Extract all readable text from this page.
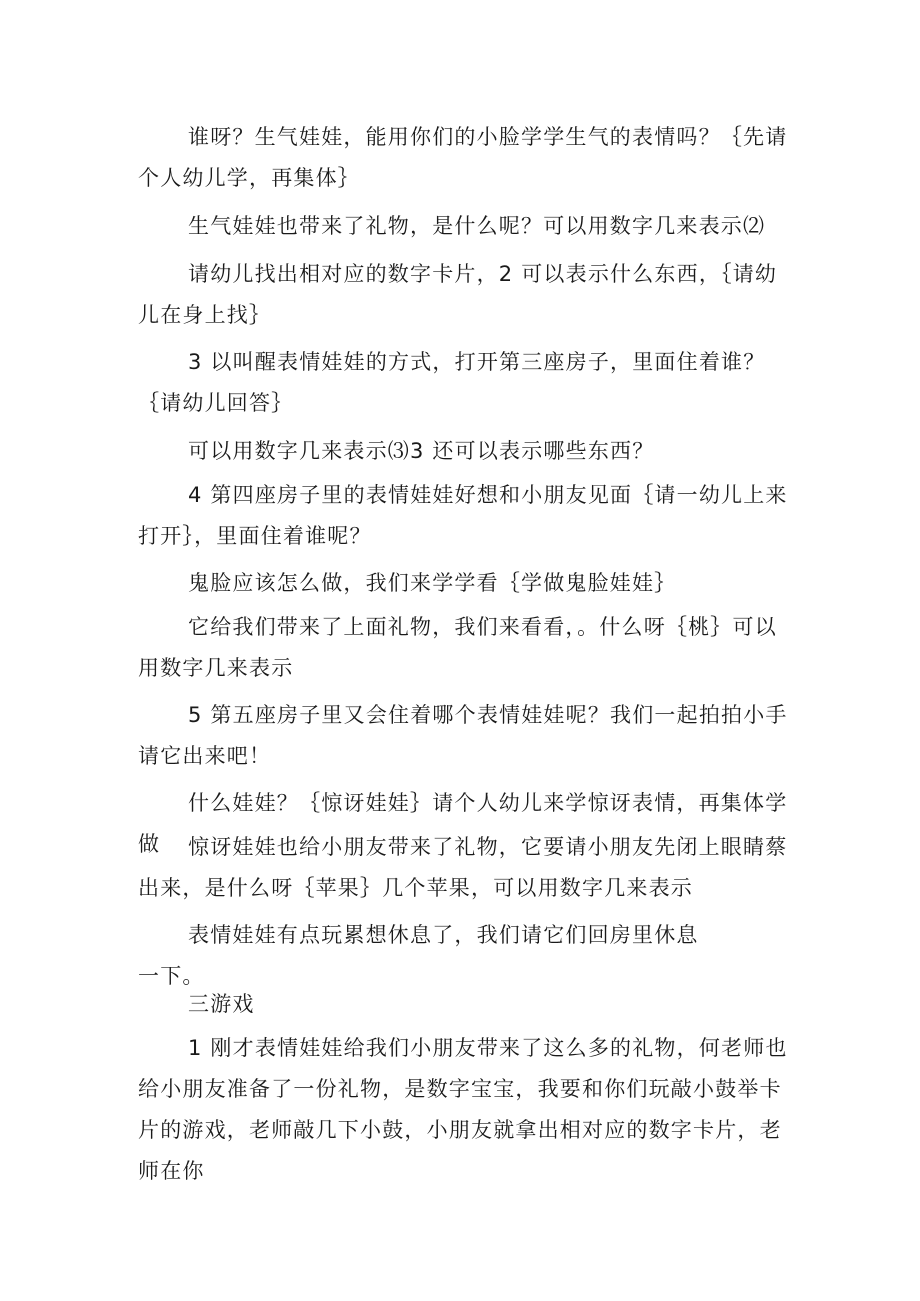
谁呀？生气娃娃，能用你们的小脸学学生气的表情吗？｛先请个人幼儿学，再集体｝

生气娃娃也带来了礼物，是什么呢？可以用数字几来表示⑵

请幼儿找出相对应的数字卡片，2 可以表示什么东西，｛请幼儿在身上找｝

3 以叫醒表情娃娃的方式，打开第三座房子，里面住着谁？｛请幼儿回答｝

可以用数字几来表示⑶3 还可以表示哪些东西？

4 第四座房子里的表情娃娃好想和小朋友见面｛请一幼儿上来打开｝，里面住着谁呢？

鬼脸应该怎么做，我们来学学看｛学做鬼脸娃娃｝

它给我们带来了上面礼物，我们来看看，。什么呀｛桃｝可以用数字几来表示

5 第五座房子里又会住着哪个表情娃娃呢？我们一起拍拍小手请它出来吧！

什么娃娃？｛惊讶娃娃｝请个人幼儿来学惊讶表情，再集体学做	惊讶娃娃也给小朋友带来了礼物，它要请小朋友先闭上眼睛蔡出来，是什么呀｛苹果｝几个苹果，可以用数字几来表示

表情娃娃有点玩累想休息了，我们请它们回房里休息一下。

三游戏

1 刚才表情娃娃给我们小朋友带来了这么多的礼物，何老师也给小朋友准备了一份礼物，是数字宝宝，我要和你们玩敲小鼓举卡片的游戏，老师敲几下小鼓，小朋友就拿出相对应的数字卡片，老师在你
